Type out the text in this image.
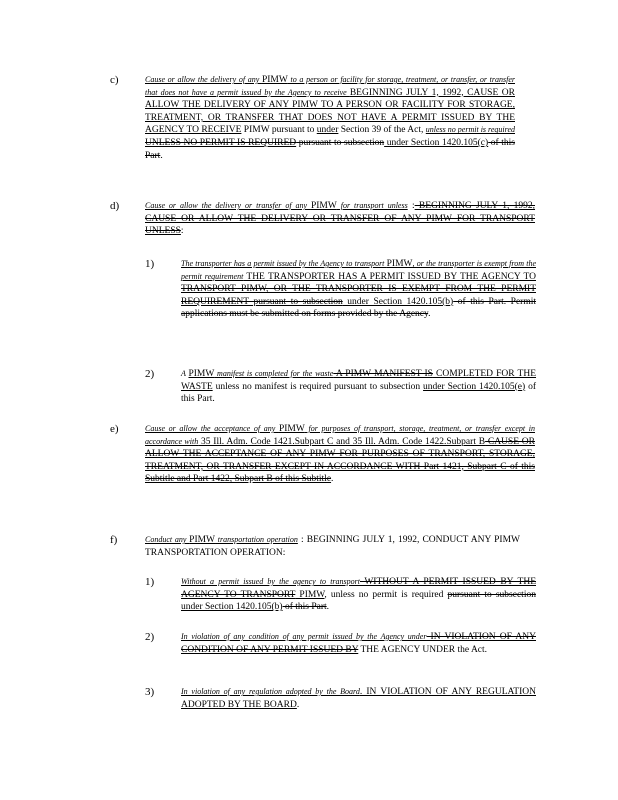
c)	Cause or allow the delivery of any PIMW to a person or facility for storage, treatment, or transfer, or transfer that does not have a permit issued by the Agency to receive BEGINNING JULY 1, 1992, CAUSE OR ALLOW THE DELIVERY OF ANY PIMW TO A PERSON OR FACILITY FOR STORAGE, TREATMENT, OR TRANSFER THAT DOES NOT HAVE A PERMIT ISSUED BY THE AGENCY TO RECEIVE PIMW pursuant to under Section 39 of the Act, unless no permit is required UNLESS NO PERMIT IS REQUIRED pursuant to subsection under Section 1420.105(c) of this Part.
d)	Cause or allow the delivery or transfer of any PIMW for transport unless : BEGINNING JULY 1, 1992, CAUSE OR ALLOW THE DELIVERY OR TRANSFER OF ANY PIMW FOR TRANSPORT UNLESS:
1)	The transporter has a permit issued by the Agency to transport PIMW, or the transporter is exempt from the permit requirement THE TRANSPORTER HAS A PERMIT ISSUED BY THE AGENCY TO TRANSPORT PIMW, OR THE TRANSPORTER IS EXEMPT FROM THE PERMIT REQUIREMENT pursuant to subsection under Section 1420.105(b) of this Part. Permit applications must be submitted on forms provided by the Agency.
2)	A PIMW manifest is completed for the waste A PIMW MANIFEST IS COMPLETED FOR THE WASTE unless no manifest is required pursuant to subsection under Section 1420.105(e) of this Part.
e)	Cause or allow the acceptance of any PIMW for purposes of transport, storage, treatment, or transfer except in accordance with 35 Ill. Adm. Code 1421.Subpart C and 35 Ill. Adm. Code 1422.Subpart B CAUSE OR ALLOW THE ACCEPTANCE OF ANY PIMW FOR PURPOSES OF TRANSPORT, STORAGE, TREATMENT, OR TRANSFER EXCEPT IN ACCORDANCE WITH Part 1421, Subpart C of this Subtitle and Part 1422, Subpart B of this Subtitle.
f)	Conduct any PIMW transportation operation : BEGINNING JULY 1, 1992, CONDUCT ANY PIMW TRANSPORTATION OPERATION:
1)	Without a permit issued by the agency to transport WITHOUT A PERMIT ISSUED BY THE AGENCY TO TRANSPORT PIMW, unless no permit is required pursuant to subsection under Section 1420.105(b) of this Part.
2)	In violation of any condition of any permit issued by the Agency under IN VIOLATION OF ANY CONDITION OF ANY PERMIT ISSUED BY THE AGENCY UNDER the Act.
3)	In violation of any regulation adopted by the Board. IN VIOLATION OF ANY REGULATION ADOPTED BY THE BOARD.
